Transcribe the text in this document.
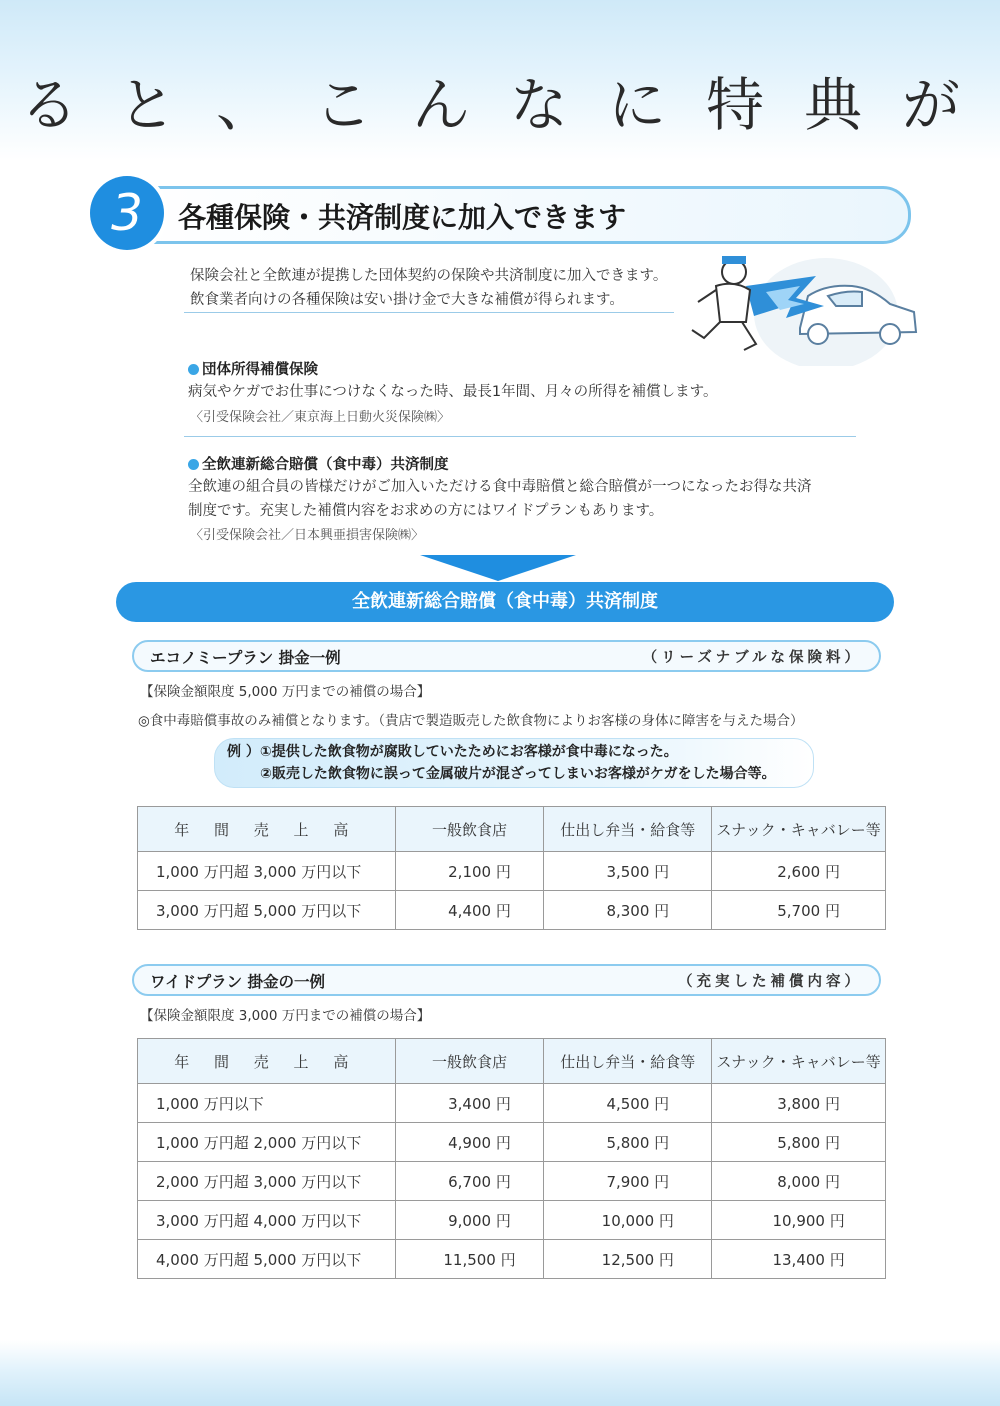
ると、こんなに特典が
3	各種保険・共済制度に加入できます
保険会社と全飲連が提携した団体契約の保険や共済制度に加入できます。
飲食業者向けの各種保険は安い掛け金で大きな補償が得られます。
団体所得補償保険
病気やケガでお仕事につけなくなった時、最長1年間、月々の所得を補償します。
〈引受保険会社／東京海上日動火災保険㈱〉
全飲連新総合賠償（食中毒）共済制度
全飲連の組合員の皆様だけがご加入いただける食中毒賠償と総合賠償が一つになったお得な共済
制度です。充実した補償内容をお求めの方にはワイドプランもあります。
〈引受保険会社／日本興亜損害保険㈱〉
全飲連新総合賠償（食中毒）共済制度
エコノミープラン 掛金一例	（リーズナブルな保険料）
【保険金額限度 5,000 万円までの補償の場合】
◎食中毒賠償事故のみ補償となります。（貴店で製造販売した飲食物によりお客様の身体に障害を与えた場合）
例 ）①提供した飲食物が腐敗していたためにお客様が食中毒になった。
②販売した飲食物に誤って金属破片が混ざってしまいお客様がケガをした場合等。
年 間 売 上 高	一般飲食店	仕出し弁当・給食等	スナック・キャバレー等
1,000 万円超 3,000 万円以下	2,100 円	3,500 円	2,600 円
3,000 万円超 5,000 万円以下	4,400 円	8,300 円	5,700 円
ワイドプラン 掛金の一例	（充実した補償内容）
【保険金額限度 3,000 万円までの補償の場合】
年 間 売 上 高	一般飲食店	仕出し弁当・給食等	スナック・キャバレー等
1,000 万円以下	3,400 円	4,500 円	3,800 円
1,000 万円超 2,000 万円以下	4,900 円	5,800 円	5,800 円
2,000 万円超 3,000 万円以下	6,700 円	7,900 円	8,000 円
3,000 万円超 4,000 万円以下	9,000 円	10,000 円	10,900 円
4,000 万円超 5,000 万円以下	11,500 円	12,500 円	13,400 円
